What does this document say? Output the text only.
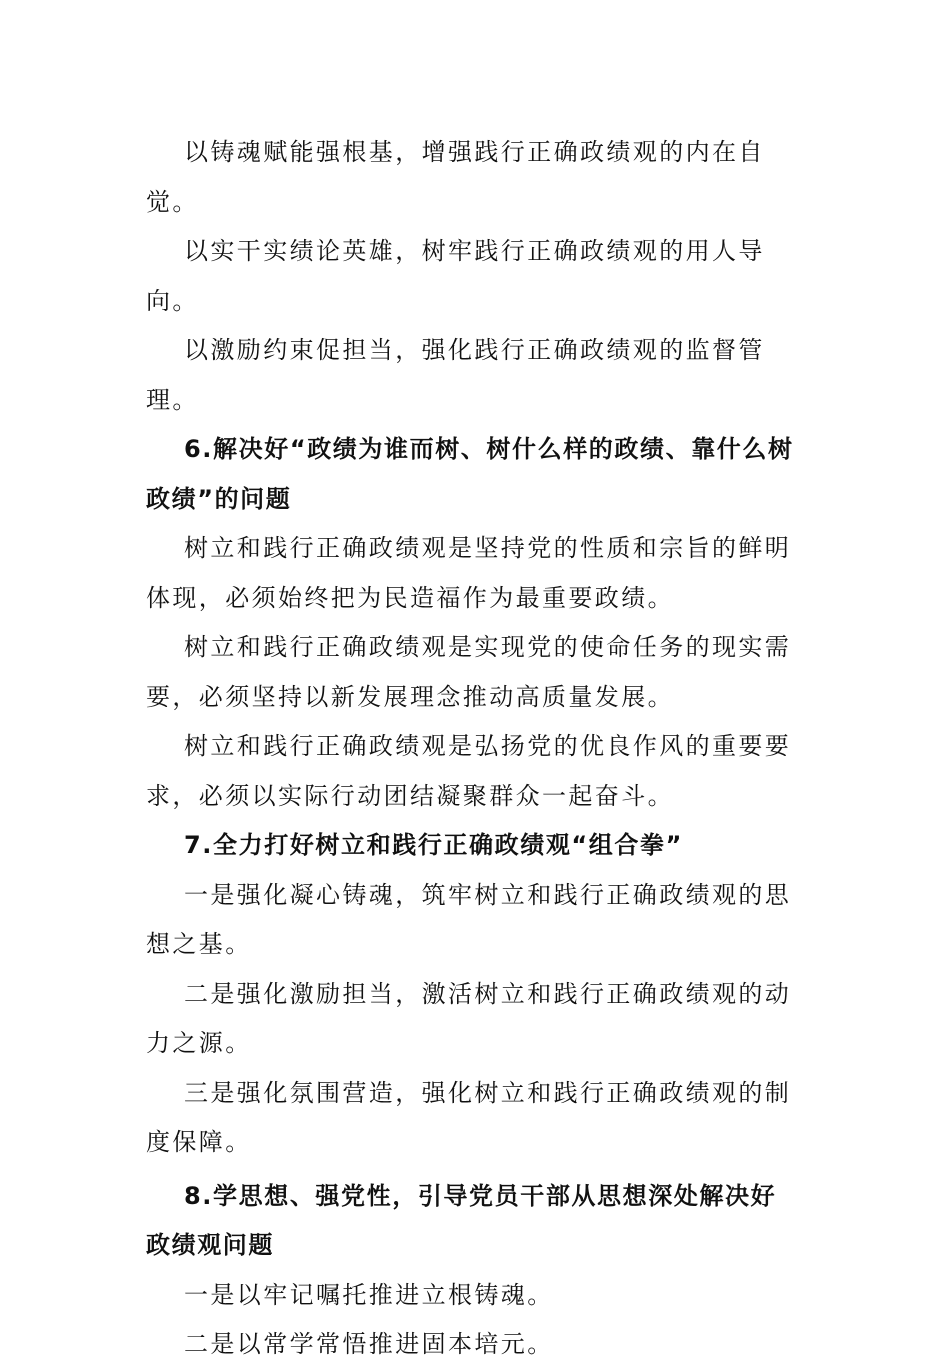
以铸魂赋能强根基，增强践行正确政绩观的内在自觉。

以实干实绩论英雄，树牢践行正确政绩观的用人导向。

以激励约束促担当，强化践行正确政绩观的监督管理。

6.解决好“政绩为谁而树、树什么样的政绩、靠什么树政绩”的问题

树立和践行正确政绩观是坚持党的性质和宗旨的鲜明体现，必须始终把为民造福作为最重要政绩。

树立和践行正确政绩观是实现党的使命任务的现实需要，必须坚持以新发展理念推动高质量发展。

树立和践行正确政绩观是弘扬党的优良作风的重要要求，必须以实际行动团结凝聚群众一起奋斗。

7.全力打好树立和践行正确政绩观“组合拳”

一是强化凝心铸魂，筑牢树立和践行正确政绩观的思想之基。

二是强化激励担当，激活树立和践行正确政绩观的动力之源。

三是强化氛围营造，强化树立和践行正确政绩观的制度保障。

8.学思想、强党性，引导党员干部从思想深处解决好政绩观问题

一是以牢记嘱托推进立根铸魂。

二是以常学常悟推进固本培元。
